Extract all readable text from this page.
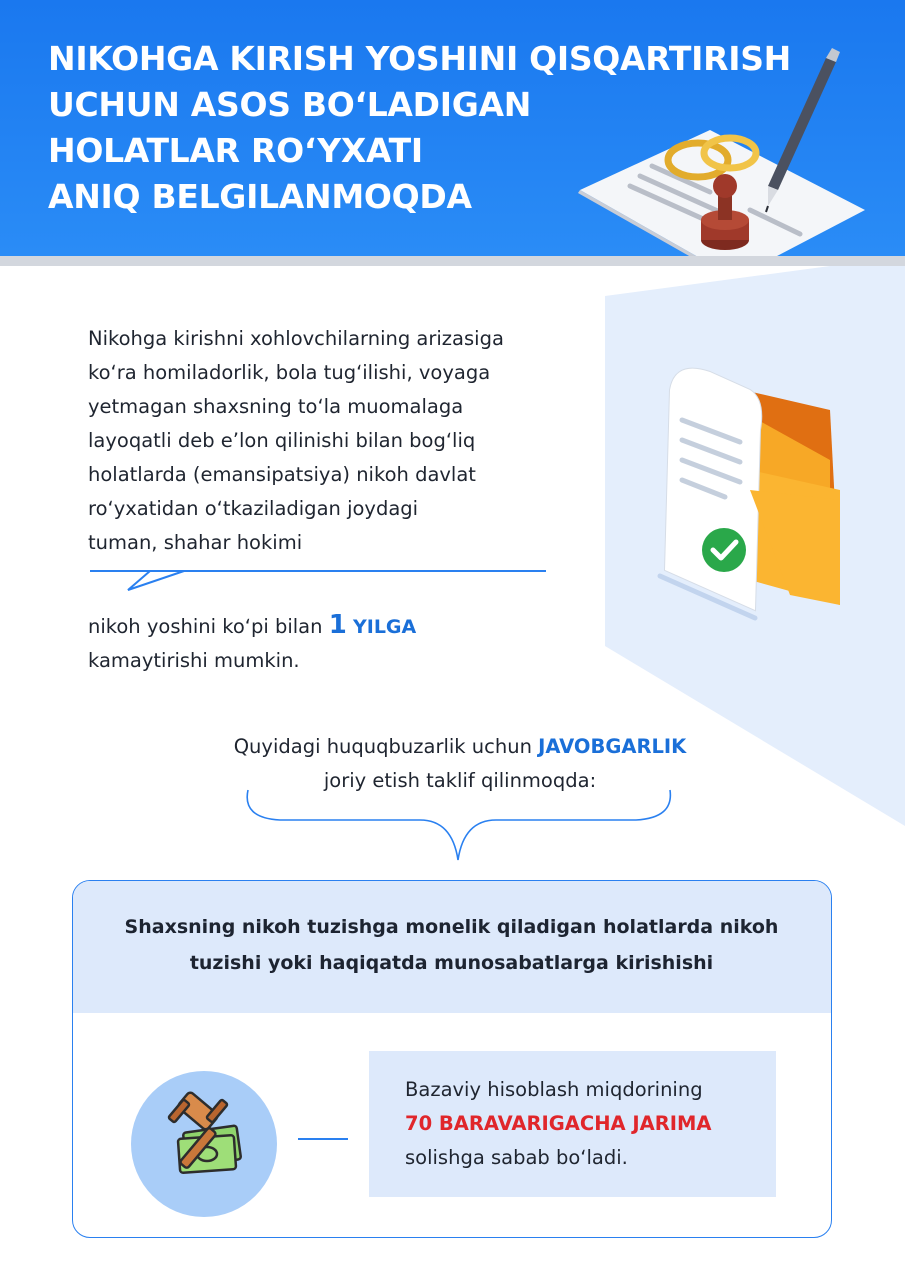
NIKOHGA KIRISH YOSHINI QISQARTIRISH
UCHUN ASOS BOʻLADIGAN
HOLATLAR ROʻYXATI
ANIQ BELGILANMOQDA

Nikohga kirishni xohlovchilarning arizasiga
koʻra homiladorlik, bola tugʻilishi, voyaga
yetmagan shaxsning toʻla muomalaga
layoqatli deb eʼlon qilinishi bilan bogʻliq
holatlarda (emansipatsiya) nikoh davlat
roʻyxatidan oʻtkaziladigan joydagi
tuman, shahar hokimi

nikoh yoshini koʻpi bilan 1 YILGA
kamaytirishi mumkin.
Quyidagi huquqbuzarlik uchun JAVOBGARLIK
joriy etish taklif qilinmoqda:
Shaxsning nikoh tuzishga monelik qiladigan holatlarda nikoh
tuzishi yoki haqiqatda munosabatlarga kirishishi
Bazaviy hisoblash miqdorining
70 BARAVARIGACHA JARIMA
solishga sabab boʻladi.
